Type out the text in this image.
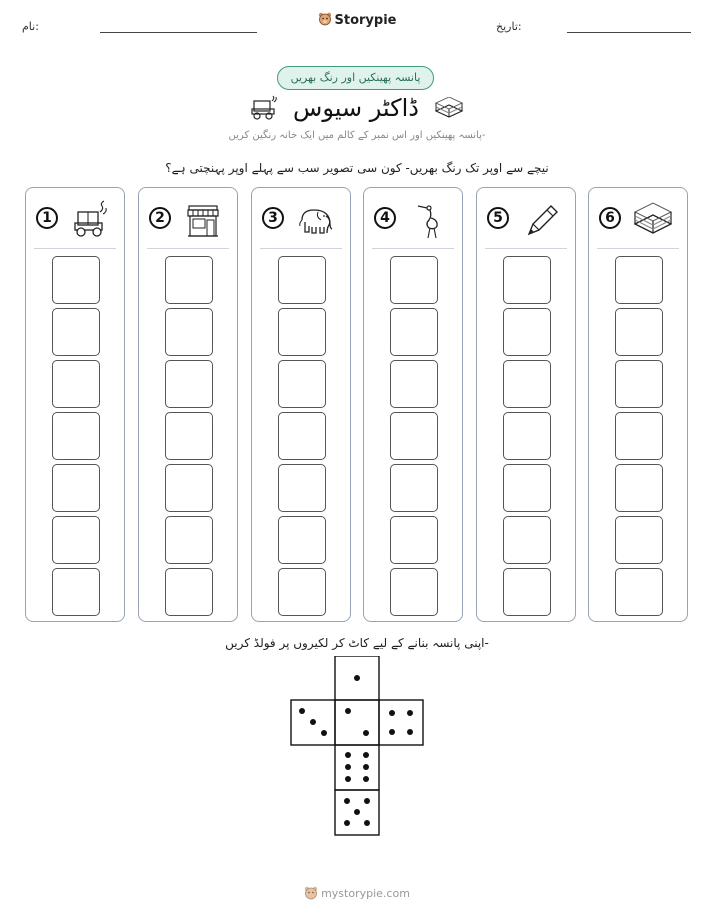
نام:	تاریخ:
Storypie
پانسہ پھینکیں اور رنگ بھریں
ڈاکٹر سیوس
پانسہ پھینکیں اور اس نمبر کے کالم میں ایک خانہ رنگین کریں-
نیچے سے اوپر تک رنگ بھریں- کون سی تصویر سب سے پہلے اوپر پہنچتی ہے؟
1	2	3	4	5	6
اپنی پانسہ بنانے کے لیے کاٹ کر لکیروں پر فولڈ کریں-
mystorypie.com
